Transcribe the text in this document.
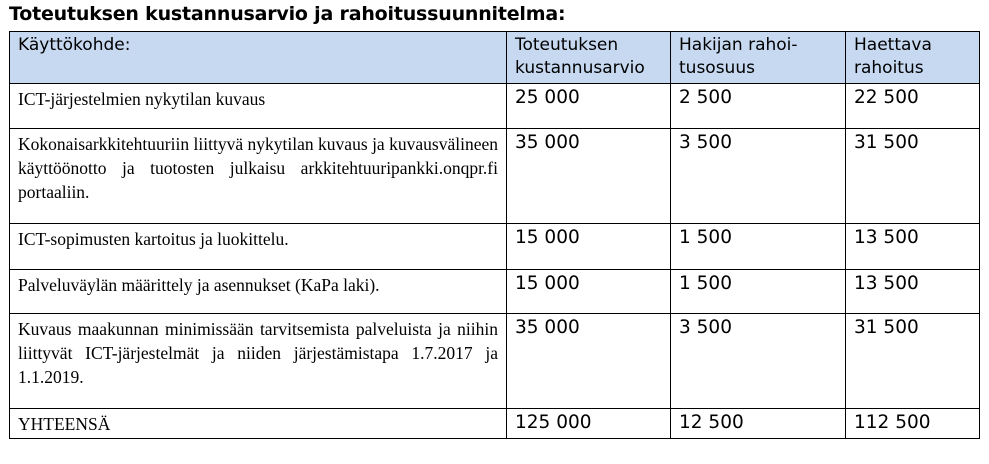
Toteutuksen kustannusarvio ja rahoitussuunnitelma:
Käyttökohde:	Toteutuksen kustannusarvio	Hakijan rahoi-tusosuus	Haettava rahoitus
ICT-järjestelmien nykytilan kuvaus	25 000	2 500	22 500
Kokonaisarkkitehtuuriin liittyvä nykytilan kuvaus ja kuvausvälineen käyttöönotto ja tuotosten julkaisu arkkitehtuuripankki.onqpr.fi portaaliin.	35 000	3 500	31 500
ICT-sopimusten kartoitus ja luokittelu.	15 000	1 500	13 500
Palveluväylän määrittely ja asennukset (KaPa laki).	15 000	1 500	13 500
Kuvaus maakunnan minimissään tarvitsemista palveluista ja niihin liittyvät ICT-järjestelmät ja niiden järjestämistapa 1.7.2017 ja 1.1.2019.	35 000	3 500	31 500
YHTEENSÄ	125 000	12 500	112 500
